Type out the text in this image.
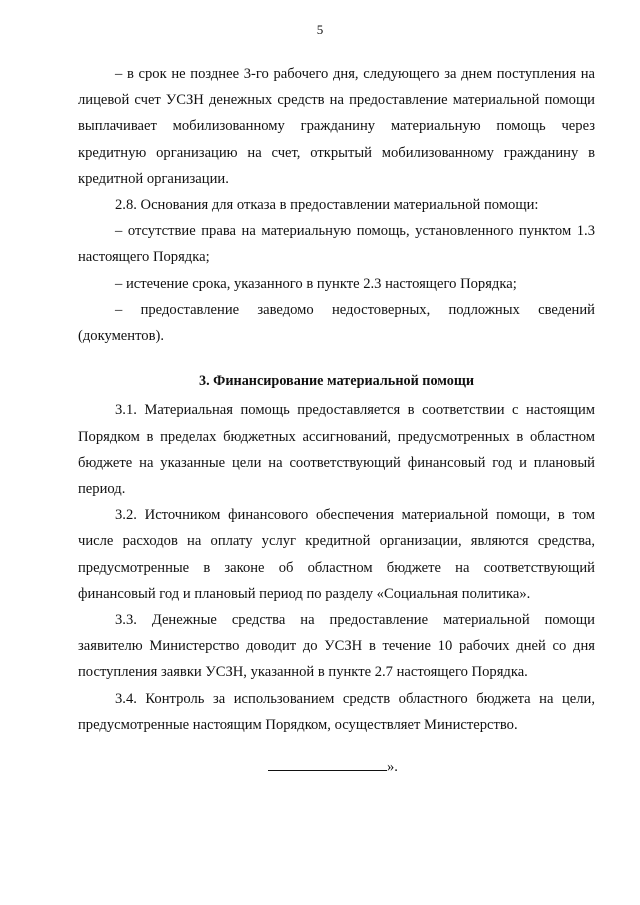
5

– в срок не позднее 3-го рабочего дня, следующего за днем поступления на лицевой счет УСЗН денежных средств на предоставление материальной помощи выплачивает мобилизованному гражданину материальную помощь через кредитную организацию на счет, открытый мобилизованному гражданину в кредитной организации.

2.8. Основания для отказа в предоставлении материальной помощи:

– отсутствие права на материальную помощь, установленного пунктом 1.3 настоящего Порядка;

– истечение срока, указанного в пункте 2.3 настоящего Порядка;

– предоставление заведомо недостоверных, подложных сведений (документов).

3. Финансирование материальной помощи

3.1. Материальная помощь предоставляется в соответствии с настоящим Порядком в пределах бюджетных ассигнований, предусмотренных в областном бюджете на указанные цели на соответствующий финансовый год и плановый период.

3.2. Источником финансового обеспечения материальной помощи, в том числе расходов на оплату услуг кредитной организации, являются средства, предусмотренные в законе об областном бюджете на соответствующий финансовый год и плановый период по разделу «Социальная политика».

3.3. Денежные средства на предоставление материальной помощи заявителю Министерство доводит до УСЗН в течение 10 рабочих дней со дня поступления заявки УСЗН, указанной в пункте 2.7 настоящего Порядка.

3.4. Контроль за использованием средств областного бюджета на цели, предусмотренные настоящим Порядком, осуществляет Министерство.

».
